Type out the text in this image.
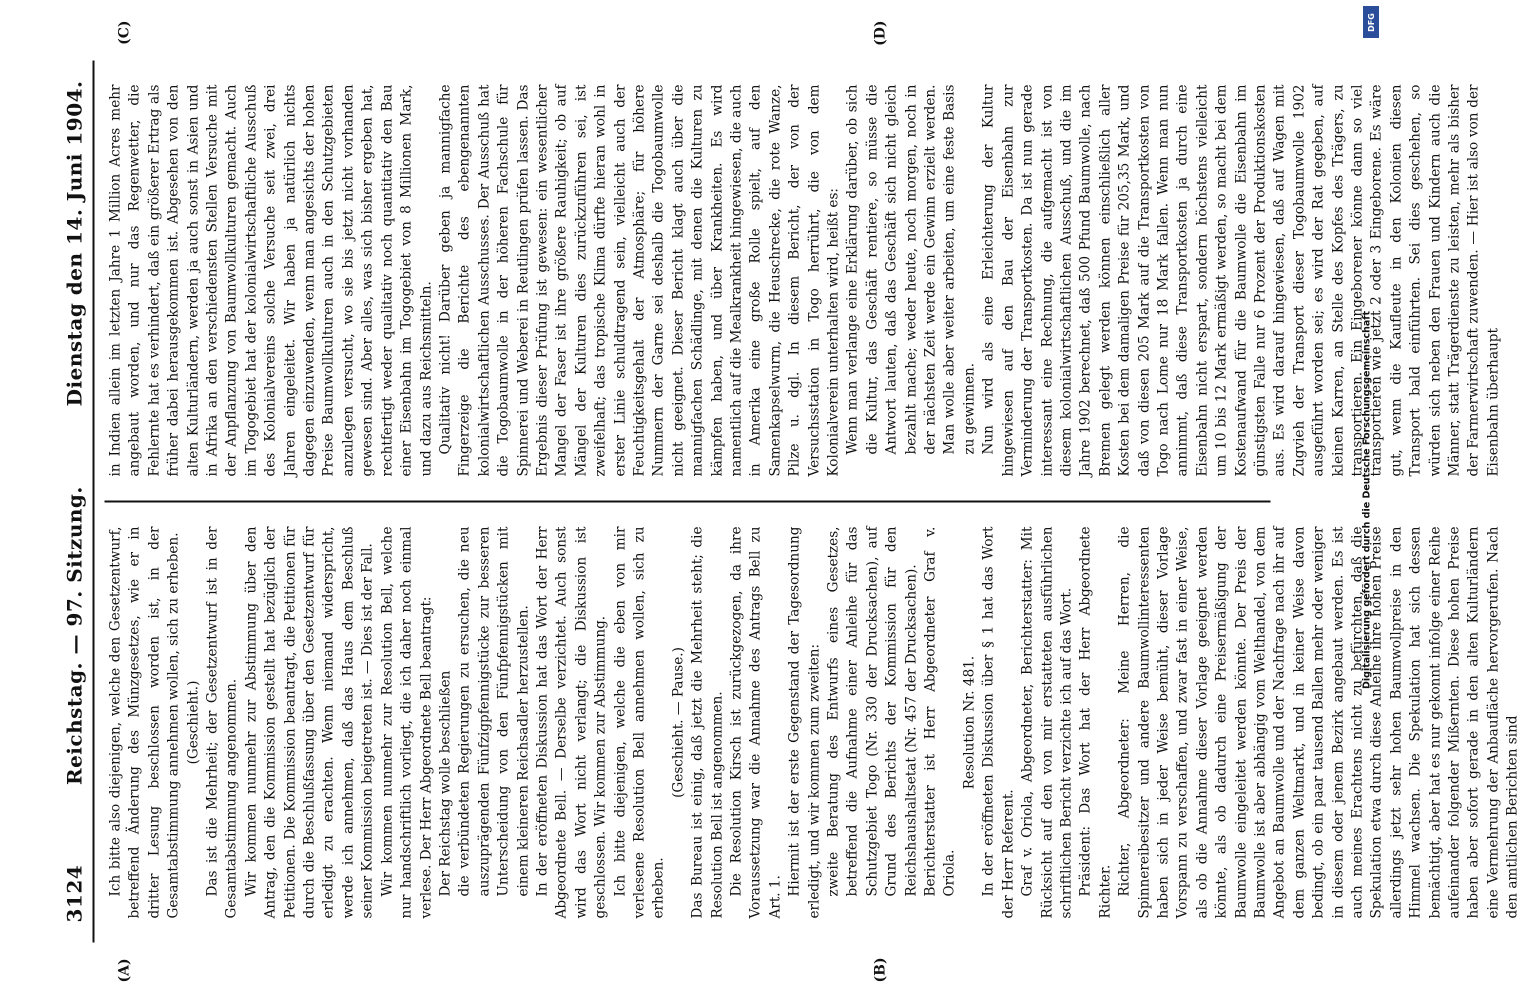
3124
Reichstag. — 97. Sitzung.
Dienstag den 14. Juni 1904.
(A)	(B)
(C)	(D)

Ich bitte also diejenigen, welche den Gesetzentwurf, betreffend Änderung des Münzgesetzes, wie er in dritter Lesung beschlossen worden ist, in der Gesamtabstimmung annehmen wollen, sich zu erheben. (Geschieht.) Das ist die Mehrheit; der Gesetzentwurf ist in der Gesamtabstimmung angenommen. Wir kommen nunmehr zur Abstimmung über den Antrag, den die Kommission gestellt hat bezüglich der Petitionen. Die Kommission beantragt, die Petitionen für durch die Beschlußfassung über den Gesetzentwurf für erledigt zu erachten. Wenn niemand widerspricht, werde ich annehmen, daß das Haus dem Beschluß seiner Kommission beigetreten ist. — Dies ist der Fall. Wir kommen nunmehr zur Resolution Bell, welche nur handschriftlich vorliegt, die ich daher noch einmal verlese. Der Herr Abgeordnete Bell beantragt: Der Reichstag wolle beschließen die verbündeten Regierungen zu ersuchen, die neu auszuprägenden Fünfzigpfennigstücke zur besseren Unterscheidung von den Fünfpfennigstücken mit einem kleineren Reichsadler herzustellen. In der eröffneten Diskussion hat das Wort der Herr Abgeordnete Bell. — Derselbe verzichtet. Auch sonst wird das Wort nicht verlangt; die Diskussion ist geschlossen. Wir kommen zur Abstimmung. Ich bitte diejenigen, welche die eben von mir verlesene Resolution Bell annehmen wollen, sich zu erheben.

(Geschieht. — Pause.) Das Bureau ist einig, daß jetzt die Mehrheit steht; die Resolution Bell ist angenommen. Die Resolution Kirsch ist zurückgezogen, da ihre Voraussetzung war die Annahme des Antrags Bell zu Art. 1.

Hiermit ist der erste Gegenstand der Tagesordnung erledigt, und wir kommen zum zweiten: zweite Beratung des Entwurfs eines Gesetzes, betreffend die Aufnahme einer Anleihe für das Schutzgebiet Togo (Nr. 330 der Drucksachen), auf Grund des Berichts der Kommission für den Reichshaushaltsetat (Nr. 457 der Drucksachen). Berichterstatter ist Herr Abgeordneter Graf v. Oriola.

Resolution Nr. 481. In der eröffneten Diskussion über § 1 hat das Wort der Herr Referent. Graf v. Oriola, Abgeordneter, Berichterstatter: Mit Rücksicht auf den von mir erstatteten ausführlichen schriftlichen Bericht verzichte ich auf das Wort. Präsident: Das Wort hat der Herr Abgeordnete Richter. Richter, Abgeordneter: Meine Herren, die Spinnereibesitzer und andere Baumwollinteressenten haben sich in jeder Weise bemüht, dieser Vorlage Vorspann zu verschaffen, und zwar fast in einer Weise, als ob die Annahme dieser Vorlage geeignet werden könnte, als ob dadurch eine Preisermäßigung der Baumwolle eingeleitet werden könnte. Der Preis der Baumwolle ist aber abhängig vom Welthandel, von dem Angebot an Baumwolle und der Nachfrage nach ihr auf dem ganzen Weltmarkt, und in keiner Weise davon bedingt, ob ein paar tausend Ballen mehr oder weniger in diesem oder jenem Bezirk angebaut werden. Es ist auch meines Erachtens nicht zu befürchten, daß die Spekulation etwa durch diese Anleihe ihre hohen Preise allerdings jetzt sehr hohen Baumwollpreise in den Himmel wachsen. Die Spekulation hat sich dessen bemächtigt, aber hat es nur gekonnt infolge einer Reihe aufeinander folgender Mißernten. Diese hohen Preise haben aber sofort gerade in den alten Kulturländern eine Vermehrung der Anbaufläche hervorgerufen. Nach den amtlichen Berichten sind

in Indien allein im letzten Jahre 1 Million Acres mehr angebaut worden, und nur das Regenwetter, die Fehlernte hat es verhindert, daß ein größerer Ertrag als früher dabei herausgekommen ist. Abgesehen von den alten Kulturländern, werden ja auch sonst in Asien und in Afrika an den verschiedensten Stellen Versuche mit der Anpflanzung von Baumwollkulturen gemacht. Auch im Togogebiet hat der kolonialwirtschaftliche Ausschuß des Kolonialvereins solche Versuche seit zwei, drei Jahren eingeleitet. Wir haben ja natürlich nichts dagegen einzuwenden, wenn man angesichts der hohen Preise Baumwollkulturen auch in den Schutzgebieten anzulegen versucht, wo sie bis jetzt nicht vorhanden gewesen sind. Aber alles, was sich bisher ergeben hat, rechtfertigt weder qualitativ noch quantitativ den Bau einer Eisenbahn im Togogebiet von 8 Millionen Mark, und dazu aus Reichsmitteln. Qualitativ nicht! Darüber geben ja mannigfache Fingerzeige die Berichte des ebengenannten kolonialwirtschaftlichen Ausschusses. Der Ausschuß hat die Togobaumwolle in der höheren Fachschule für Spinnerei und Weberei in Reutlingen prüfen lassen. Das Ergebnis dieser Prüfung ist gewesen: ein wesentlicher Mangel der Faser ist ihre größere Rauhigkeit; ob auf Mängel der Kulturen dies zurückzuführen sei, ist zweifelhaft; das tropische Klima dürfte hieran wohl in erster Linie schuldtragend sein, vielleicht auch der Feuchtigkeitsgehalt der Atmosphäre; für höhere Nummern der Garne sei deshalb die Togobaumwolle nicht geeignet. Dieser Bericht klagt auch über die mannigfachen Schädlinge, mit denen die Kulturen zu kämpfen haben, und über Krankheiten. Es wird namentlich auf die Mealkrankheit hingewiesen, die auch in Amerika eine große Rolle spielt, auf den Samenkapselwurm, die Heuschrecke, die rote Wanze, Pilze u. dgl. In diesem Bericht, der von der Versuchsstation in Togo herrührt, die von dem Kolonialverein unterhalten wird, heißt es: Wenn man verlange eine Erklärung darüber, ob sich die Kultur, das Geschäft rentiere, so müsse die Antwort lauten, daß das Geschäft sich nicht gleich bezahlt mache; weder heute, noch morgen, noch in der nächsten Zeit werde ein Gewinn erzielt werden. Man wolle aber weiter arbeiten, um eine feste Basis zu gewinnen. Nun wird als eine Erleichterung der Kultur hingewiesen auf den Bau der Eisenbahn zur Verminderung der Transportkosten. Da ist nun gerade interessant eine Rechnung, die aufgemacht ist von diesem kolonialwirtschaftlichen Ausschuß, und die im Jahre 1902 berechnet, daß 500 Pfund Baumwolle, nach Bremen gelegt werden können einschließlich aller Kosten bei dem damaligen Preise für 205,35 Mark, und daß von diesen 205 Mark auf die Transportkosten von Togo nach Lome nur 18 Mark fallen. Wenn man nun annimmt, daß diese Transportkosten ja durch eine Eisenbahn nicht erspart, sondern höchstens vielleicht um 10 bis 12 Mark ermäßigt werden, so macht bei dem Kostenaufwand für die Baumwolle die Eisenbahn im günstigsten Falle nur 6 Prozent der Produktionskosten aus. Es wird darauf hingewiesen, daß auf Wagen mit Zugvieh der Transport dieser Togobaumwolle 1902 ausgeführt worden sei; es wird der Rat gegeben, auf kleinen Karren, an Stelle des Kopfes des Trägers, zu transportieren. Ein Eingeborener könne dann so viel transportieren wie jetzt 2 oder 3 Eingeborene. Es wäre gut, wenn die Kaufleute in den Kolonien diesen Transport bald einführten. Sei dies geschehen, so würden sich neben den Frauen und Kindern auch die Männer, statt Trägerdienste zu leisten, mehr als bisher der Farmerwirtschaft zuwenden. — Hier ist also von der Eisenbahn überhaupt

DFG
Digitalisierung gefördert durch die Deutsche Forschungsgemeinschaft
